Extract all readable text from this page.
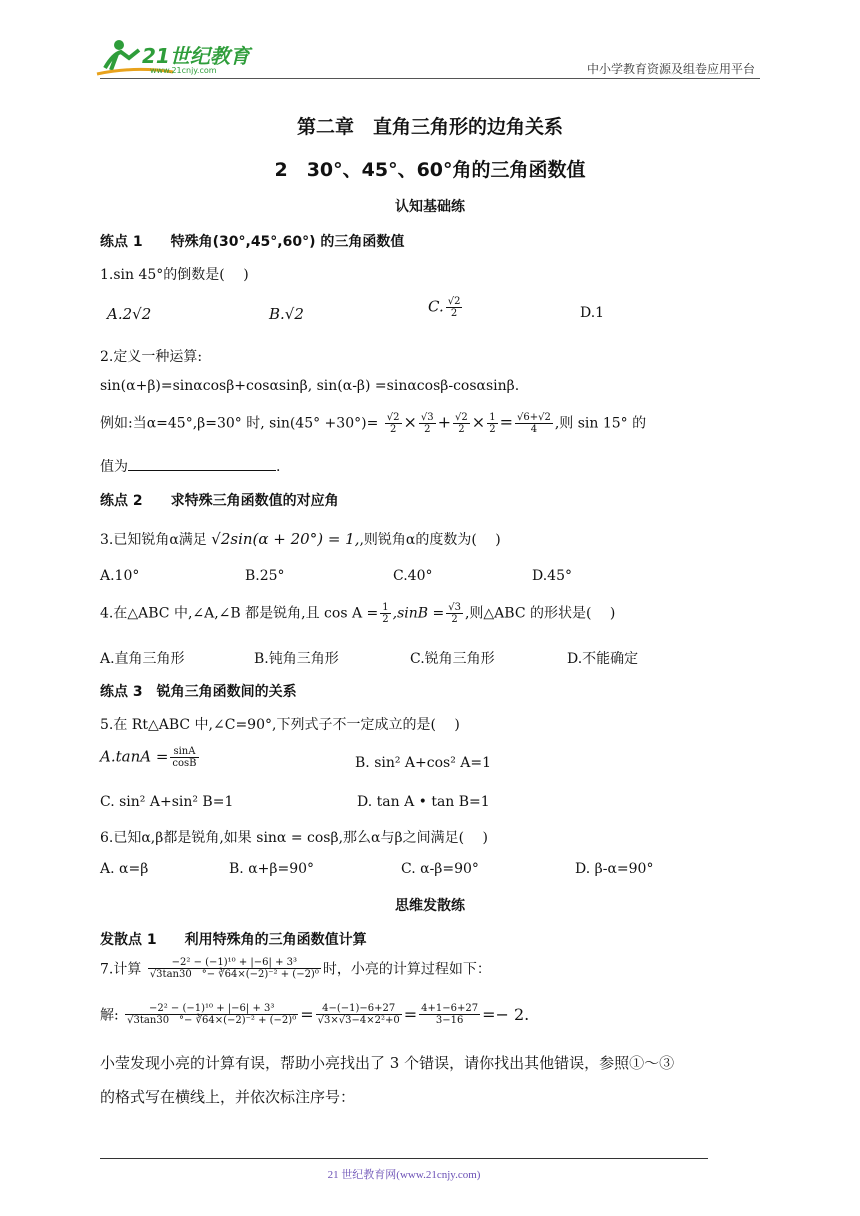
21世纪教育
www.21cnjy.com	中小学教育资源及组卷应用平台
第二章　直角三角形的边角关系
2　30°、45°、60°角的三角函数值
认知基础练
练点 1　　特殊角(30°,45°,60°) 的三角函数值
1.sin 45°的倒数是(　 )
A.2√2	B.√2	C. $\frac{√2}{2}$	D.1
2.定义一种运算:
sin(α+β)=sinαcosβ+cosαsinβ, sin(α-β) =sinαcosβ-cosαsinβ.
例如:当α=45°,β=30° 时, $\sin(45^\circ +30^\circ)= \frac{√2}{2} \times \frac{√3}{2} + \frac{√2}{2} \times \frac{1}{2} = \frac{√6+√2}{4}$ ,则 sin 15° 的
值为	.
练点 2　　求特殊三角函数值的对应角
3.已知锐角α满足 √2sin(α + 20°) = 1,,则锐角α的度数为(　 )
A.10°	B.25°	C.40°	D.45°
4.在△ABC 中,∠A,∠B 都是锐角,且 $\cos A = \frac{1}{2} ,\sin B = \frac{√3}{2}$ ,则△ABC 的形状是(　 )
A.直角三角形	B.钝角三角形	C.锐角三角形	D.不能确定
练点 3　锐角三角函数间的关系
5.在 Rt△ABC 中,∠C=90°,下列式子不一定成立的是(　 )
$A.\tan A = \frac{\sin A}{\cos B}$	B. sin² A+cos² A=1
C. sin² A+sin² B=1	D. tan A • tan B=1
6.已知α,β都是锐角,如果 sinα = cosβ,那么α与β之间满足(　 )
A. α=β	B. α+β=90°	C. α-β=90°	D. β-α=90°
思维发散练
发散点 1　　利用特殊角的三角函数值计算
7.计算 $\frac{\text{−2² − (−1)¹⁰ + |−6| + 3³}}{\text{√3tan30　°− ∛64×(−2)⁻² + (−2)⁰}}$ 时，小亮的计算过程如下：
解: $\frac{\text{−2² − (−1)¹⁰ + |−6| + 3³}}{\text{√3tan30　°− ∛64×(−2)⁻² + (−2)⁰}} = \frac{4-(-1)-6+27}{\text{√3×√3−4×2²+0}} = \frac{4+1-6+27}{3-16} =- 2$.
小莹发现小亮的计算有误，帮助小亮找出了 3 个错误，请你找出其他错误，参照①～③
的格式写在横线上，并依次标注序号：
21 世纪教育网(www.21cnjy.com)
